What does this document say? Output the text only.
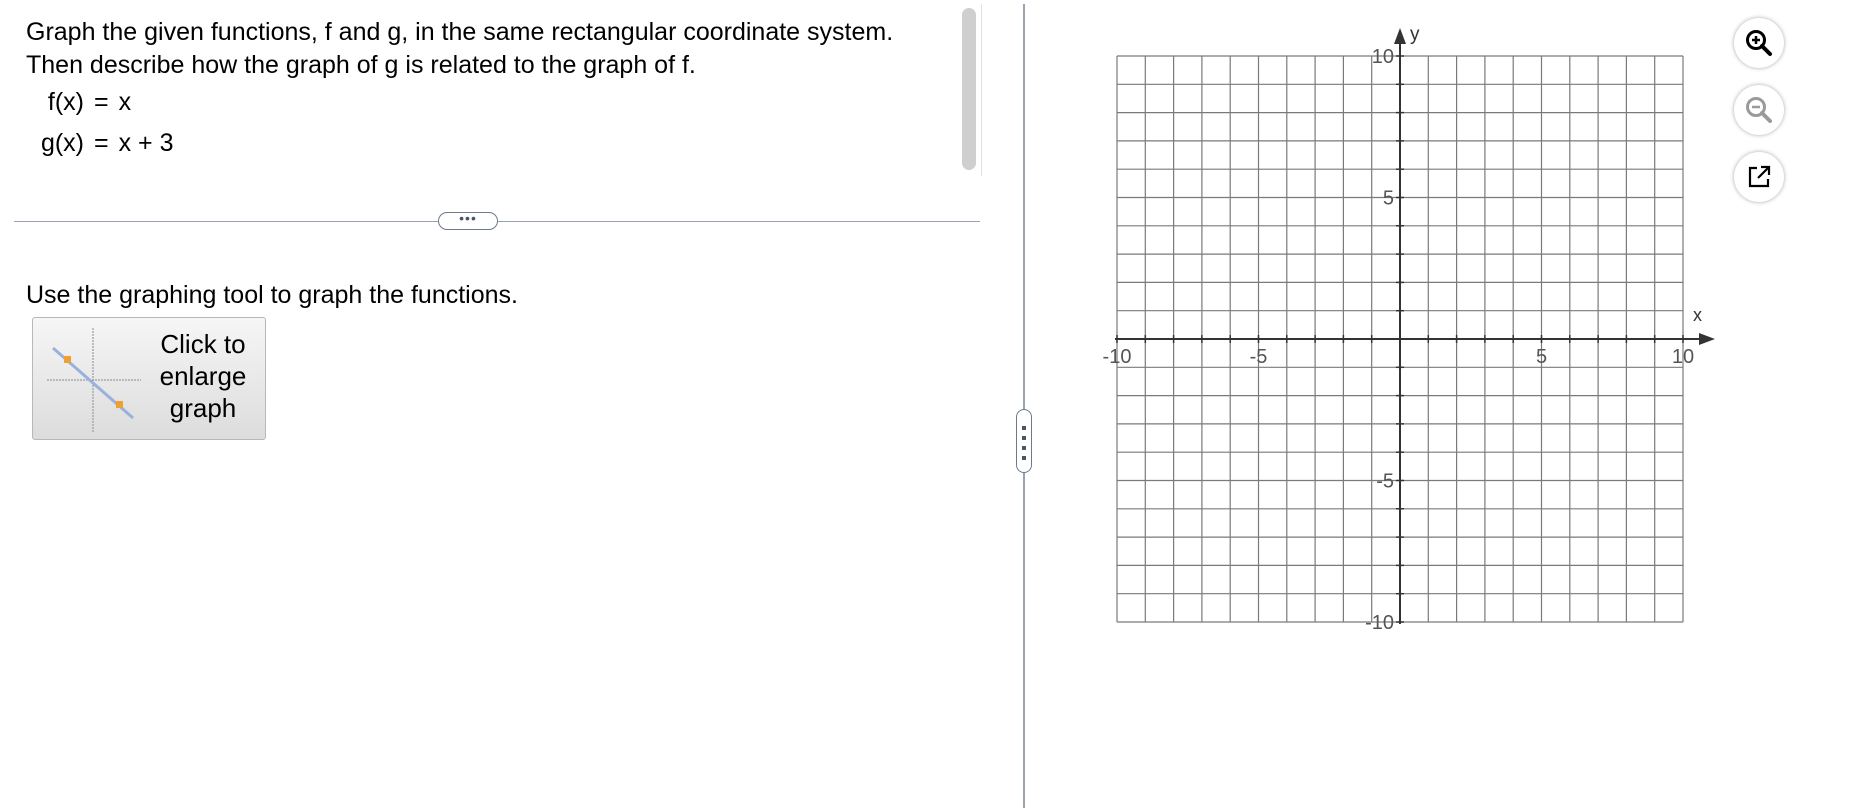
Graph the given functions, f and g, in the same rectangular coordinate system.
Then describe how the graph of g is related to the graph of f.
f(x) = x
g(x) = x + 3
•••
Use the graphing tool to graph the functions.
Click to
enlarge
graph
-10	-5	5	10
10
5
-5
-10
x
y
